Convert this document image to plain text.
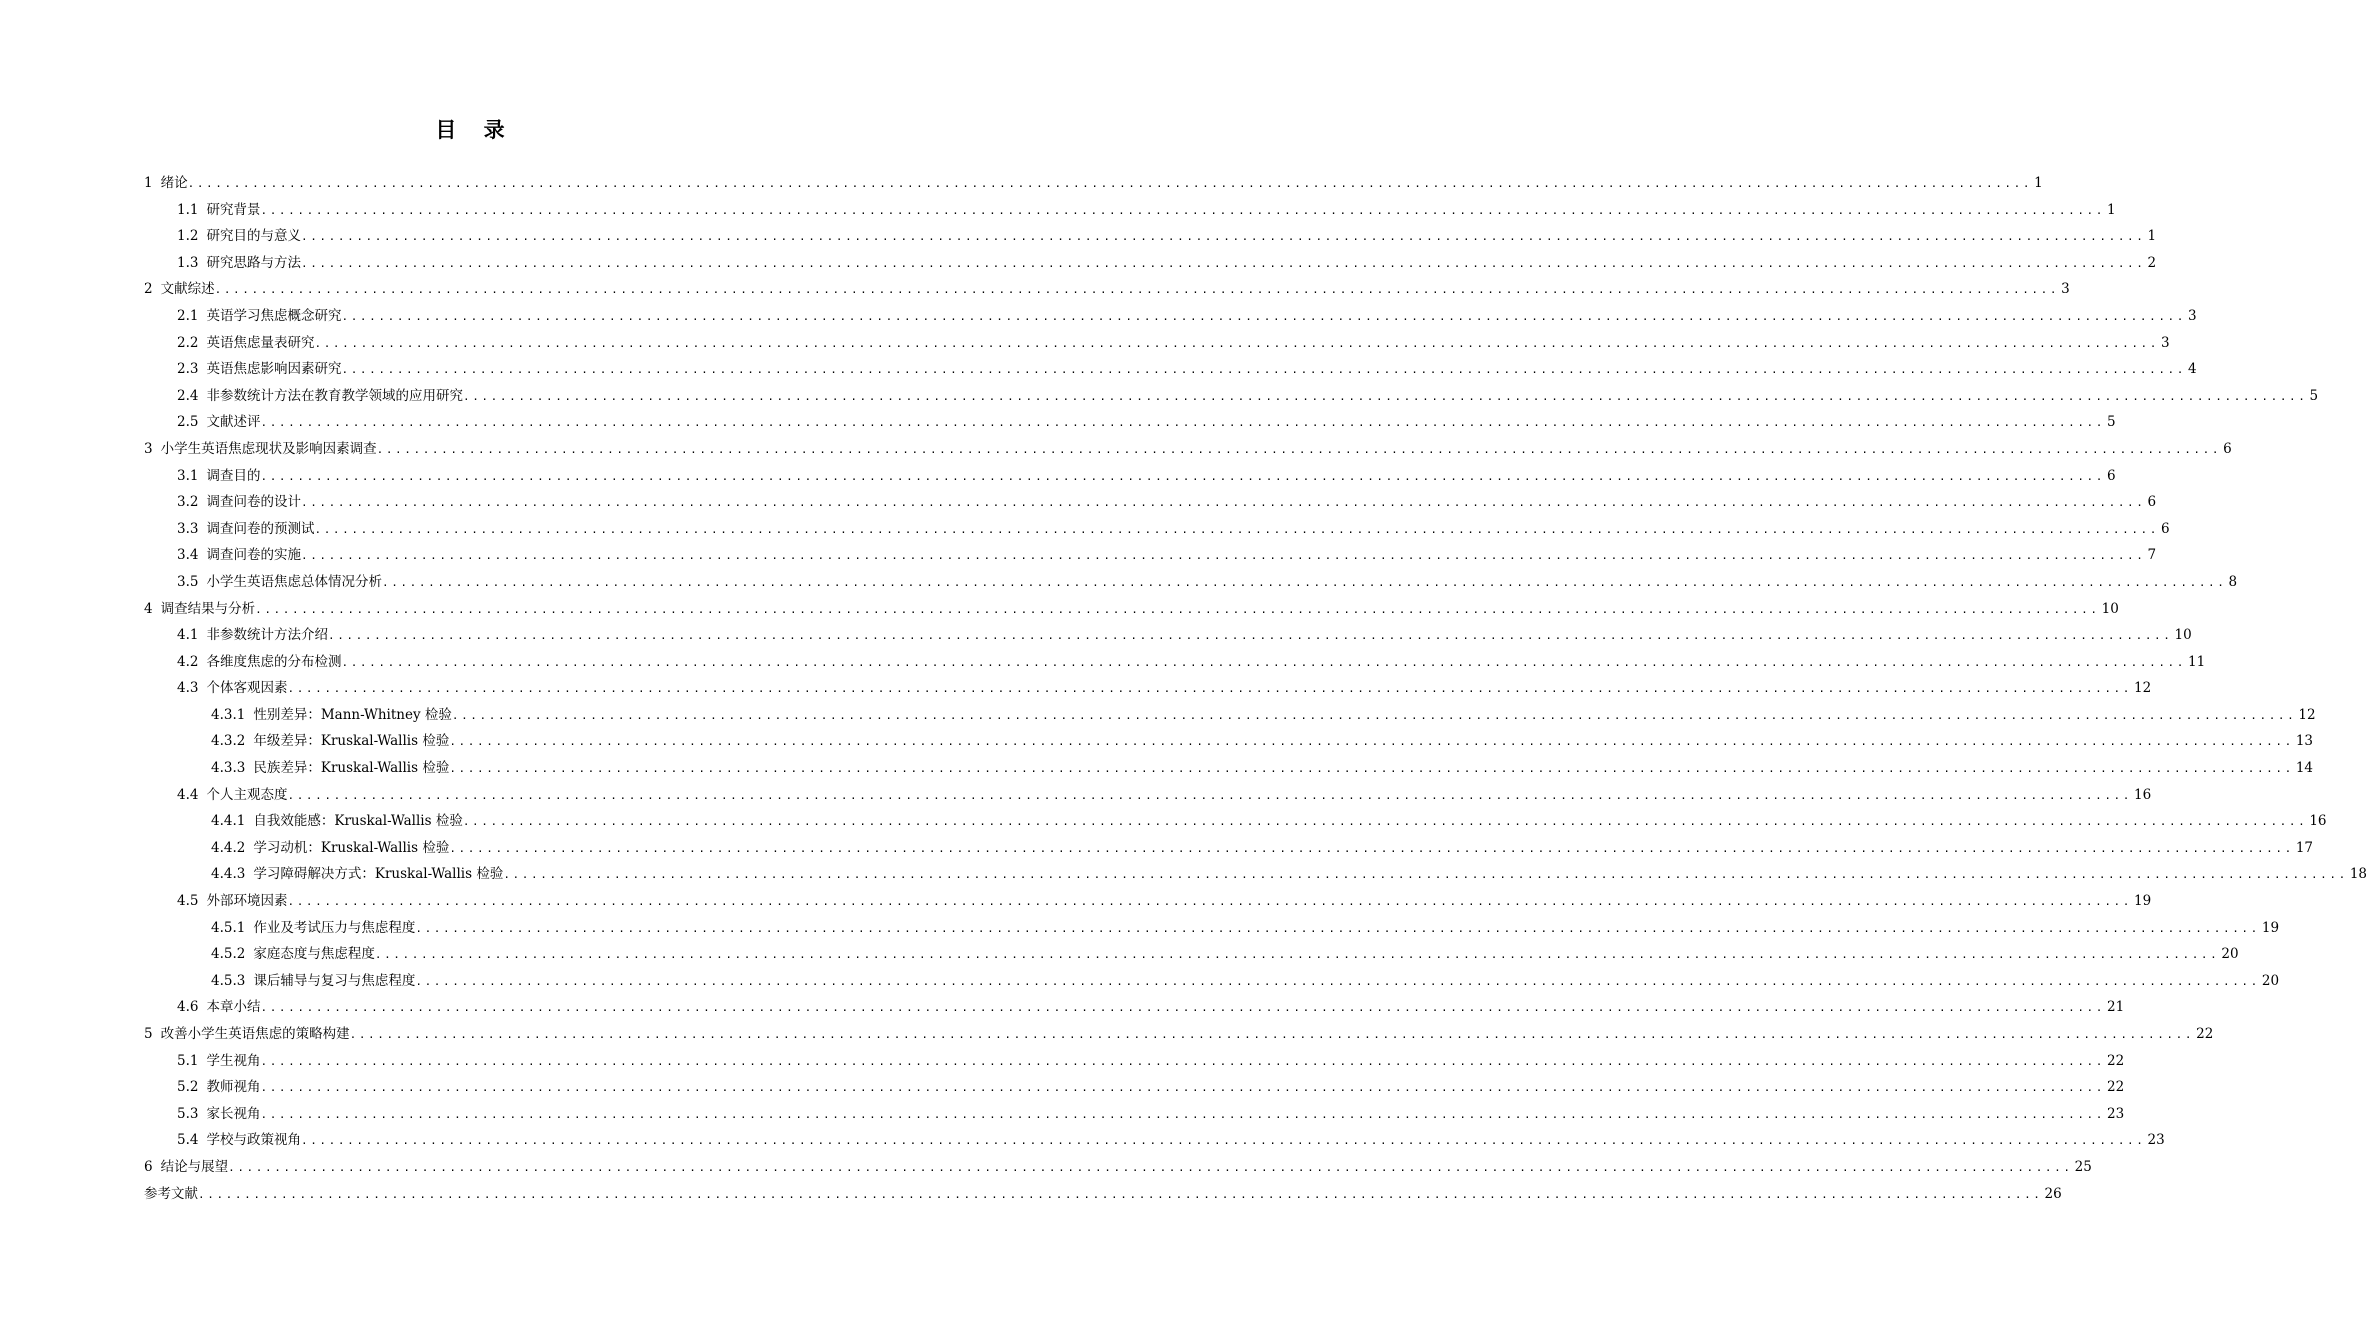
目 录
1 绪论 ........................................................................................................................................................................................................ 1
1.1 研究背景 ........................................................................................................................................................................................................ 1
1.2 研究目的与意义 ........................................................................................................................................................................................................ 1
1.3 研究思路与方法 ........................................................................................................................................................................................................ 2
2 文献综述 ........................................................................................................................................................................................................ 3
2.1 英语学习焦虑概念研究 ........................................................................................................................................................................................................ 3
2.2 英语焦虑量表研究 ........................................................................................................................................................................................................ 3
2.3 英语焦虑影响因素研究 ........................................................................................................................................................................................................ 4
2.4 非参数统计方法在教育教学领域的应用研究 ........................................................................................................................................................................................................ 5
2.5 文献述评 ........................................................................................................................................................................................................ 5
3 小学生英语焦虑现状及影响因素调查 ........................................................................................................................................................................................................ 6
3.1 调查目的 ........................................................................................................................................................................................................ 6
3.2 调查问卷的设计 ........................................................................................................................................................................................................ 6
3.3 调查问卷的预测试 ........................................................................................................................................................................................................ 6
3.4 调查问卷的实施 ........................................................................................................................................................................................................ 7
3.5 小学生英语焦虑总体情况分析 ........................................................................................................................................................................................................ 8
4 调查结果与分析 ........................................................................................................................................................................................................ 10
4.1 非参数统计方法介绍 ........................................................................................................................................................................................................ 10
4.2 各维度焦虑的分布检测 ........................................................................................................................................................................................................ 11
4.3 个体客观因素 ........................................................................................................................................................................................................ 12
4.3.1 性别差异：Mann-Whitney 检验 ........................................................................................................................................................................................................ 12
4.3.2 年级差异：Kruskal-Wallis 检验 ........................................................................................................................................................................................................ 13
4.3.3 民族差异：Kruskal-Wallis 检验 ........................................................................................................................................................................................................ 14
4.4 个人主观态度 ........................................................................................................................................................................................................ 16
4.4.1 自我效能感：Kruskal-Wallis 检验 ........................................................................................................................................................................................................ 16
4.4.2 学习动机：Kruskal-Wallis 检验 ........................................................................................................................................................................................................ 17
4.4.3 学习障碍解决方式：Kruskal-Wallis 检验 ........................................................................................................................................................................................................ 18
4.5 外部环境因素 ........................................................................................................................................................................................................ 19
4.5.1 作业及考试压力与焦虑程度 ........................................................................................................................................................................................................ 19
4.5.2 家庭态度与焦虑程度 ........................................................................................................................................................................................................ 20
4.5.3 课后辅导与复习与焦虑程度 ........................................................................................................................................................................................................ 20
4.6 本章小结 ........................................................................................................................................................................................................ 21
5 改善小学生英语焦虑的策略构建 ........................................................................................................................................................................................................ 22
5.1 学生视角 ........................................................................................................................................................................................................ 22
5.2 教师视角 ........................................................................................................................................................................................................ 22
5.3 家长视角 ........................................................................................................................................................................................................ 23
5.4 学校与政策视角 ........................................................................................................................................................................................................ 23
6 结论与展望 ........................................................................................................................................................................................................ 25
参考文献 ........................................................................................................................................................................................................ 26
